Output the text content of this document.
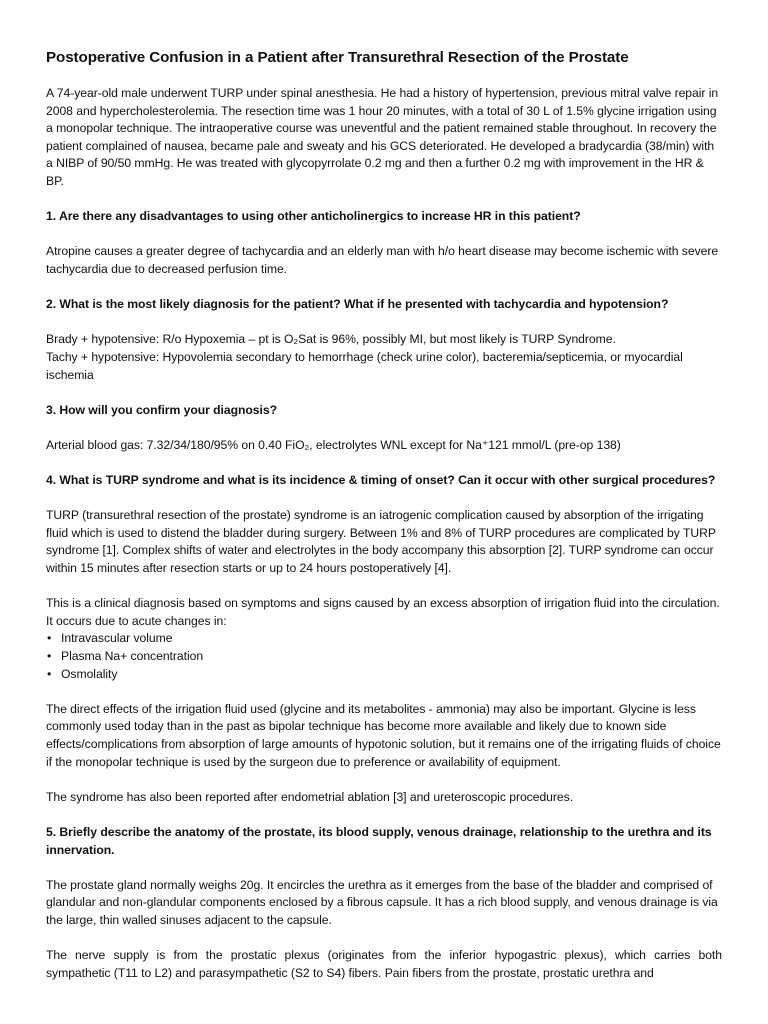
Postoperative Confusion in a Patient after Transurethral Resection of the Prostate

A 74-year-old male underwent TURP under spinal anesthesia. He had a history of hypertension, previous mitral valve repair in 2008 and hypercholesterolemia. The resection time was 1 hour 20 minutes, with a total of 30 L of 1.5% glycine irrigation using a monopolar technique. The intraoperative course was uneventful and the patient remained stable throughout. In recovery the patient complained of nausea, became pale and sweaty and his GCS deteriorated. He developed a bradycardia (38/min) with a NIBP of 90/50 mmHg. He was treated with glycopyrrolate 0.2 mg and then a further 0.2 mg with improvement in the HR & BP.

1. Are there any disadvantages to using other anticholinergics to increase HR in this patient?

Atropine causes a greater degree of tachycardia and an elderly man with h/o heart disease may become ischemic with severe tachycardia due to decreased perfusion time.

2. What is the most likely diagnosis for the patient? What if he presented with tachycardia and hypotension?

Brady + hypotensive: R/o Hypoxemia – pt is O₂Sat is 96%, possibly MI, but most likely is TURP Syndrome.

Tachy + hypotensive: Hypovolemia secondary to hemorrhage (check urine color), bacteremia/septicemia, or myocardial ischemia

3. How will you confirm your diagnosis?

Arterial blood gas: 7.32/34/180/95% on 0.40 FiO₂, electrolytes WNL except for Na⁺121 mmol/L (pre-op 138)

4. What is TURP syndrome and what is its incidence & timing of onset? Can it occur with other surgical procedures?

TURP (transurethral resection of the prostate) syndrome is an iatrogenic complication caused by absorption of the irrigating fluid which is used to distend the bladder during surgery. Between 1% and 8% of TURP procedures are complicated by TURP syndrome [1]. Complex shifts of water and electrolytes in the body accompany this absorption [2]. TURP syndrome can occur within 15 minutes after resection starts or up to 24 hours postoperatively [4].

This is a clinical diagnosis based on symptoms and signs caused by an excess absorption of irrigation fluid into the circulation. It occurs due to acute changes in:

• Intravascular volume
• Plasma Na+ concentration
• Osmolality

The direct effects of the irrigation fluid used (glycine and its metabolites - ammonia) may also be important. Glycine is less commonly used today than in the past as bipolar technique has become more available and likely due to known side effects/complications from absorption of large amounts of hypotonic solution, but it remains one of the irrigating fluids of choice if the monopolar technique is used by the surgeon due to preference or availability of equipment.

The syndrome has also been reported after endometrial ablation [3] and ureteroscopic procedures.

5. Briefly describe the anatomy of the prostate, its blood supply, venous drainage, relationship to the urethra and its innervation.

The prostate gland normally weighs 20g. It encircles the urethra as it emerges from the base of the bladder and comprised of glandular and non-glandular components enclosed by a fibrous capsule. It has a rich blood supply, and venous drainage is via the large, thin walled sinuses adjacent to the capsule.

The nerve supply is from the prostatic plexus (originates from the inferior hypogastric plexus), which carries both

sympathetic (T11 to L2) and parasympathetic (S2 to S4) fibers. Pain fibers from the prostate, prostatic urethra and
